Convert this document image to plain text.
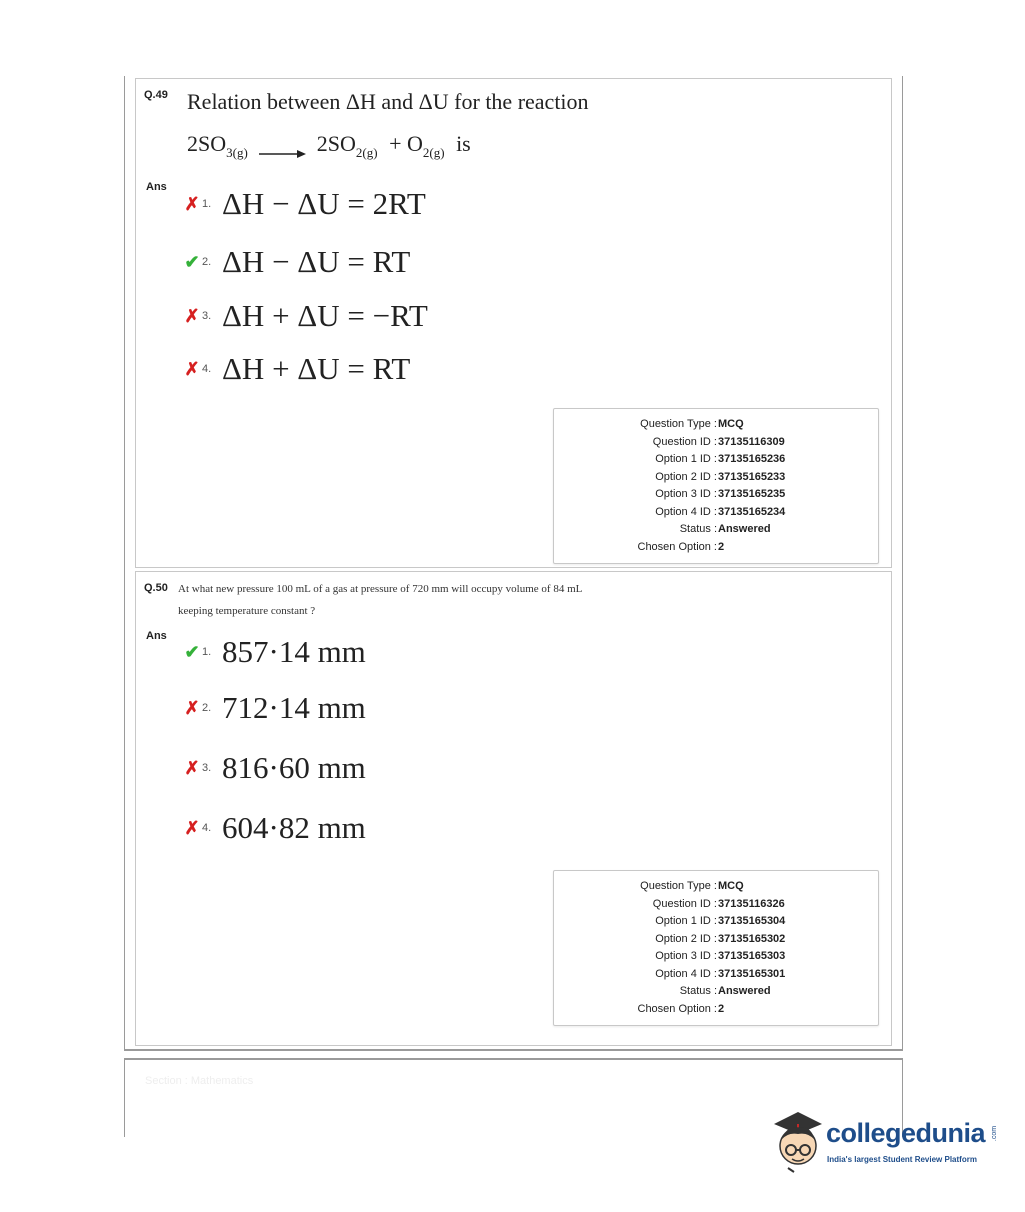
Q.49 Relation between ΔH and ΔU for the reaction
$2SO_{3(g)}$	$2SO_{2(g)} + O_{2(g)}$ is
Ans
✗ 1. ΔH − ΔU = 2RT
✔ 2. ΔH − ΔU = RT
✗ 3. ΔH + ΔU = −RT
✗ 4. ΔH + ΔU = RT
Question Type : MCQ
Question ID : 37135116309
Option 1 ID : 37135165236
Option 2 ID : 37135165233
Option 3 ID : 37135165235
Option 4 ID : 37135165234
Status : Answered
Chosen Option : 2
Q.50 At what new pressure 100 mL of a gas at pressure of 720 mm will occupy volume of 84 mL
keeping temperature constant ?
Ans
✔ 1. 857·14 mm
✗ 2. 712·14 mm
✗ 3. 816·60 mm
✗ 4. 604·82 mm
Question Type : MCQ
Question ID : 37135116326
Option 1 ID : 37135165304
Option 2 ID : 37135165302
Option 3 ID : 37135165303
Option 4 ID : 37135165301
Status : Answered
Chosen Option : 2
Section : Mathematics
collegedunia .com
India's largest Student Review Platform
